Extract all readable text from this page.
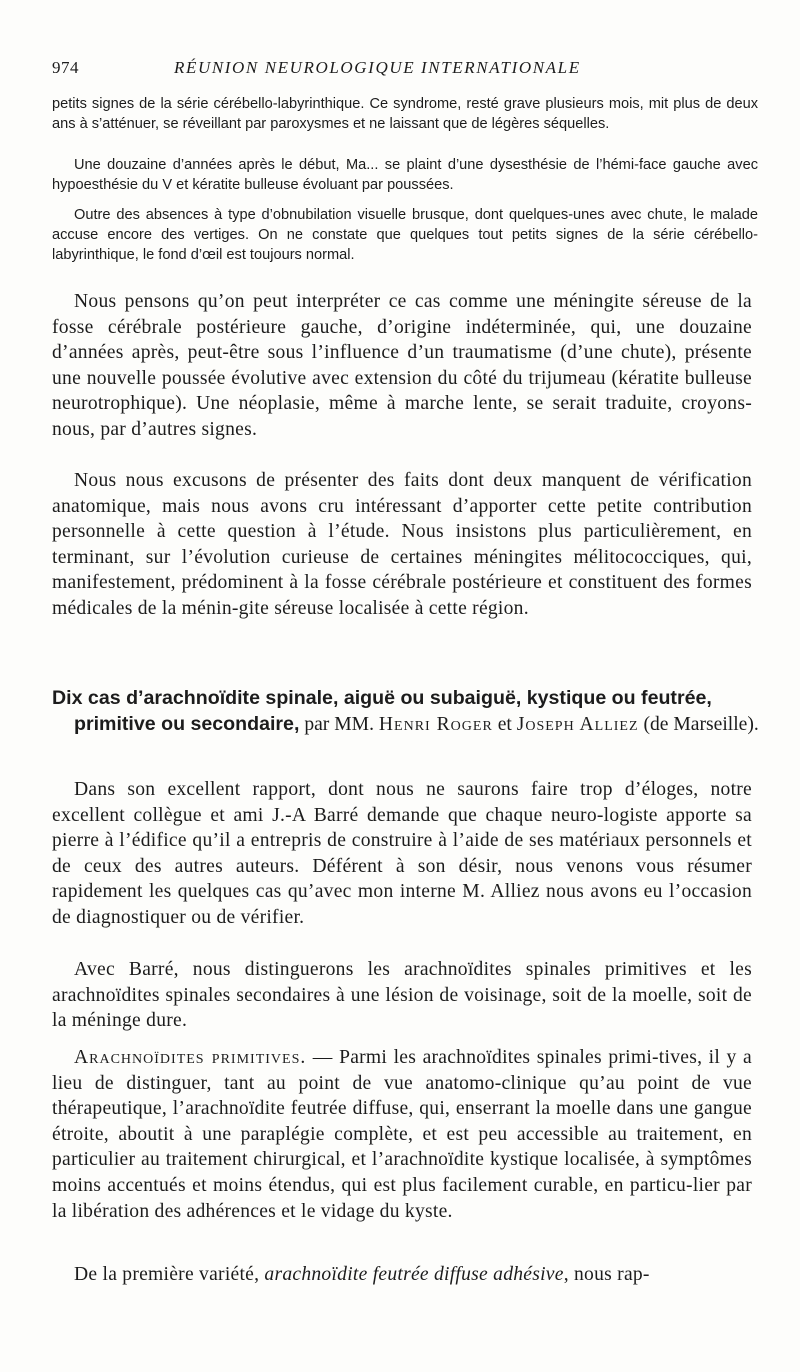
974	RÉUNION NEUROLOGIQUE INTERNATIONALE

petits signes de la série cérébello-labyrinthique. Ce syndrome, resté grave plusieurs mois, mit plus de deux ans à s’atténuer, se réveillant par paroxysmes et ne laissant que de légères séquelles.

Une douzaine d’années après le début, Ma... se plaint d’une dysesthésie de l’hémi-face gauche avec hypoesthésie du V et kératite bulleuse évoluant par poussées.

Outre des absences à type d’obnubilation visuelle brusque, dont quelques-unes avec chute, le malade accuse encore des vertiges. On ne constate que quelques tout petits signes de la série cérébello-labyrinthique, le fond d’œil est toujours normal.

Nous pensons qu’on peut interpréter ce cas comme une méningite séreuse de la fosse cérébrale postérieure gauche, d’origine indéterminée, qui, une douzaine d’années après, peut-être sous l’influence d’un traumatisme (d’une chute), présente une nouvelle poussée évolutive avec extension du côté du trijumeau (kératite bulleuse neurotrophique). Une néoplasie, même à marche lente, se serait traduite, croyons-nous, par d’autres signes.

Nous nous excusons de présenter des faits dont deux manquent de vérification anatomique, mais nous avons cru intéressant d’apporter cette petite contribution personnelle à cette question à l’étude. Nous insistons plus particulièrement, en terminant, sur l’évolution curieuse de certaines méningites mélitococciques, qui, manifestement, prédominent à la fosse cérébrale postérieure et constituent des formes médicales de la ménin-gite séreuse localisée à cette région.

Dix cas d’arachnoïdite spinale, aiguë ou subaiguë, kystique ou feutrée, primitive ou secondaire, par MM. Henri Roger et Joseph Alliez (de Marseille).

Dans son excellent rapport, dont nous ne saurons faire trop d’éloges, notre excellent collègue et ami J.-A Barré demande que chaque neuro-logiste apporte sa pierre à l’édifice qu’il a entrepris de construire à l’aide de ses matériaux personnels et de ceux des autres auteurs. Déférent à son désir, nous venons vous résumer rapidement les quelques cas qu’avec mon interne M. Alliez nous avons eu l’occasion de diagnostiquer ou de vérifier.

Avec Barré, nous distinguerons les arachnoïdites spinales primitives et les arachnoïdites spinales secondaires à une lésion de voisinage, soit de la moelle, soit de la méninge dure.

Arachnoïdites primitives. — Parmi les arachnoïdites spinales primi-tives, il y a lieu de distinguer, tant au point de vue anatomo-clinique qu’au point de vue thérapeutique, l’arachnoïdite feutrée diffuse, qui, enserrant la moelle dans une gangue étroite, aboutit à une paraplégie complète, et est peu accessible au traitement, en particulier au traitement chirurgical, et l’arachnoïdite kystique localisée, à symptômes moins accentués et moins étendus, qui est plus facilement curable, en particu-lier par la libération des adhérences et le vidage du kyste.

De la première variété, arachnoïdite feutrée diffuse adhésive, nous rap-
